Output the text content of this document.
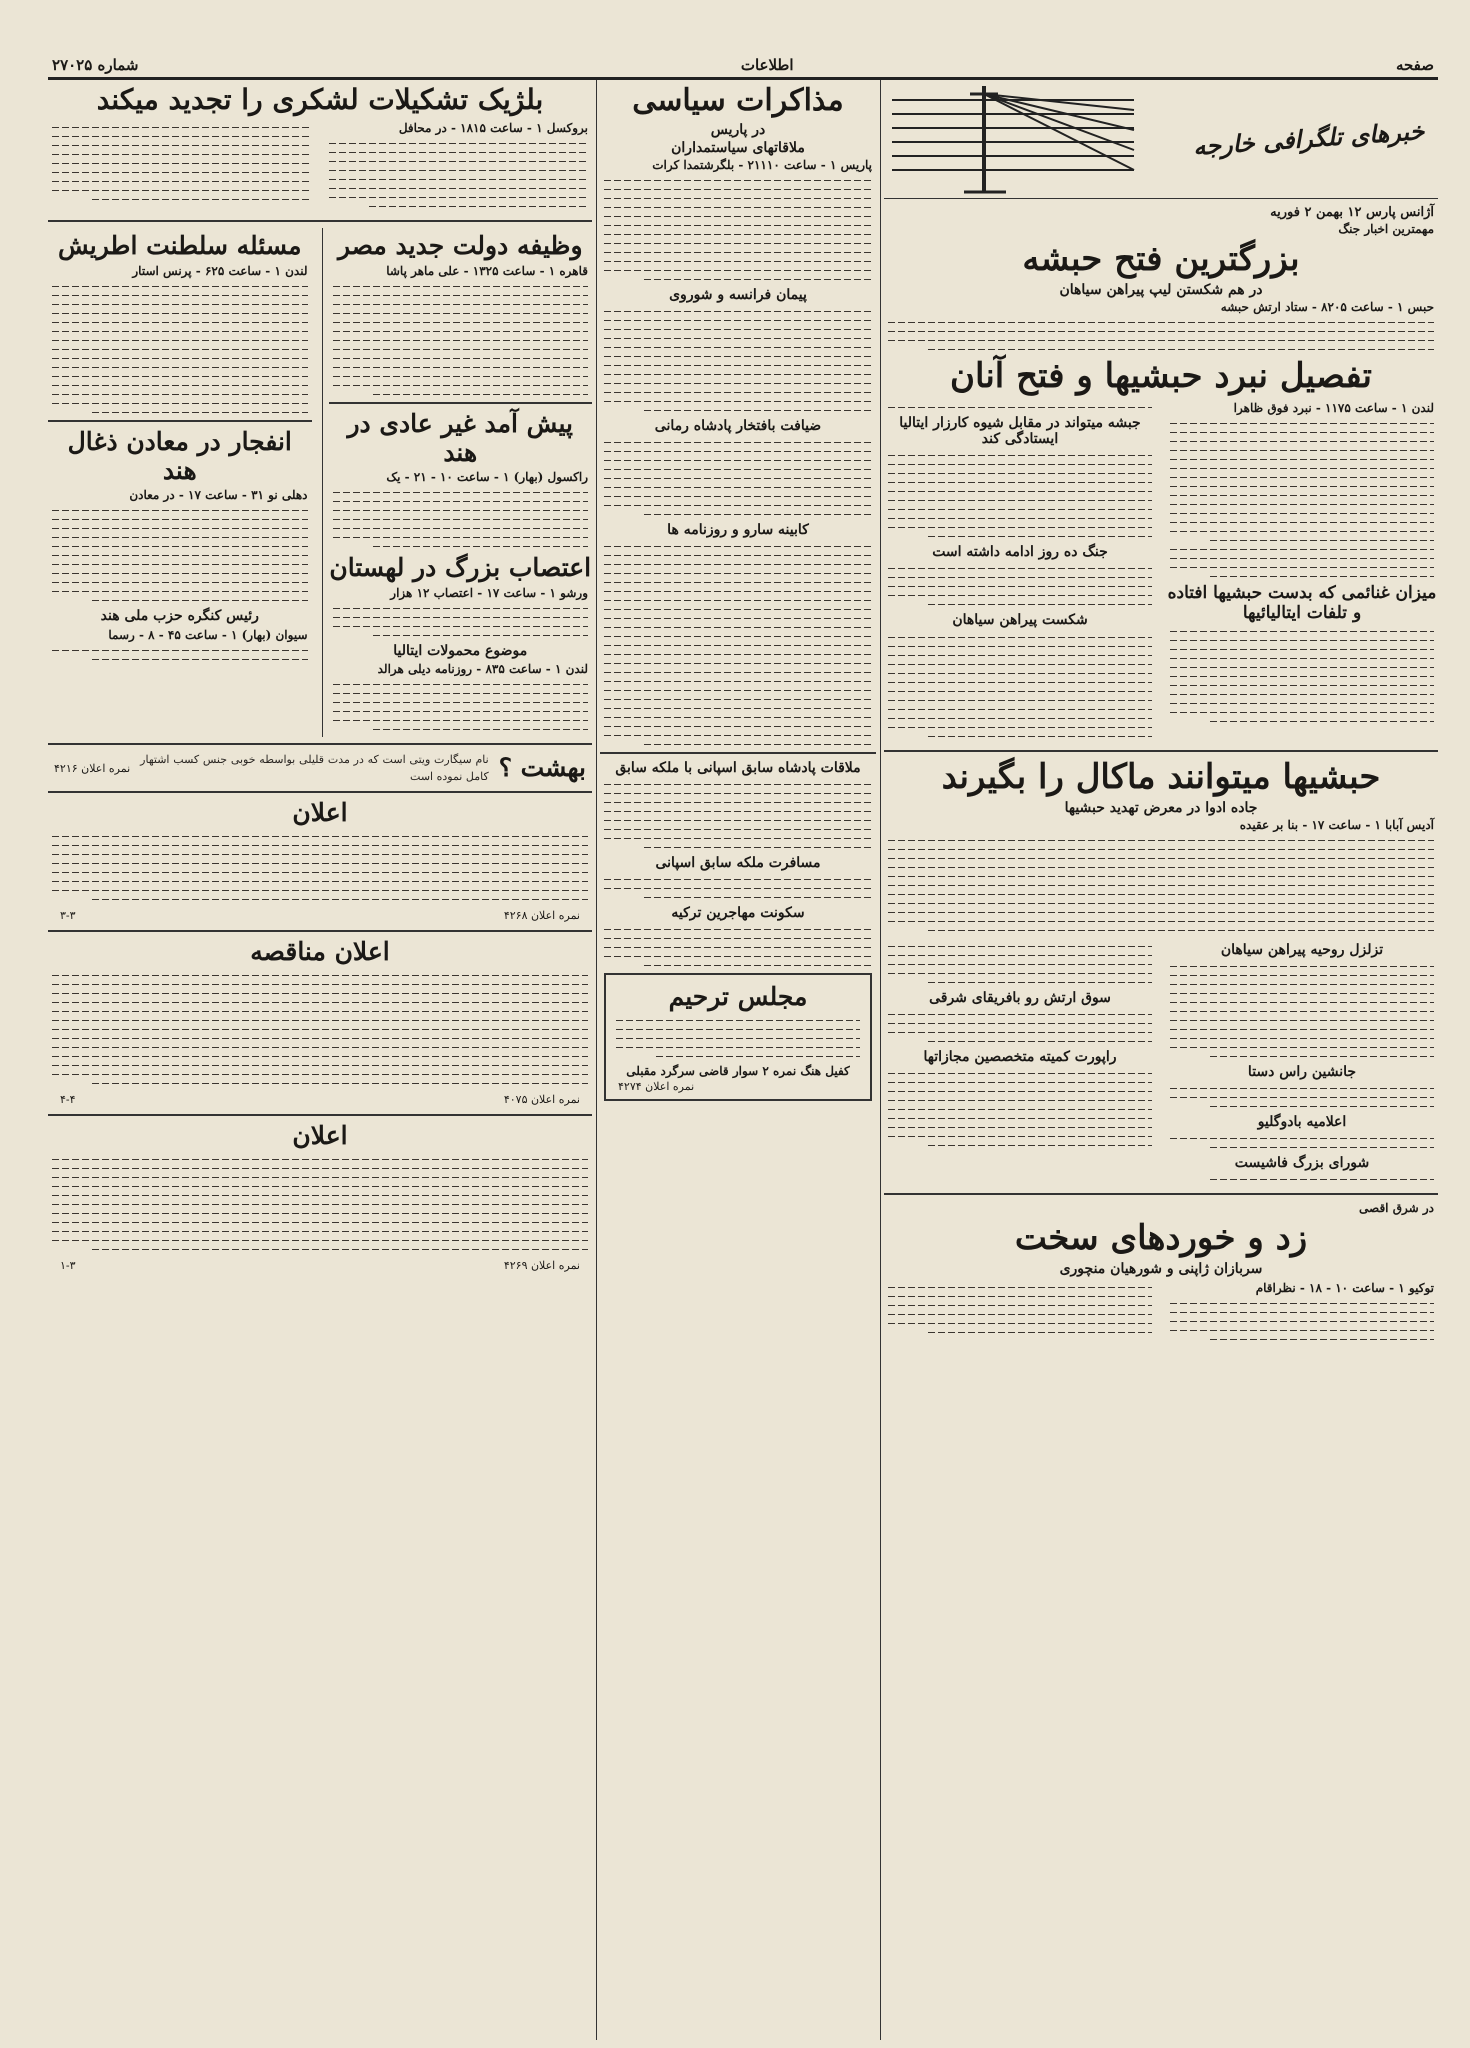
صفحه
اطلاعات
شماره ۲۷۰۲۵
خبرهای تلگرافی خارجه
آژانس پارس ۱۲ بهمن ۲ فوریه
مهمترین اخبار جنگ
بزرگترین فتح حبشه
در هم شکستن لیپ پیراهن سیاهان
حبس ۱ - ساعت ۸۲۰۵ - ستاد ارتش حبشه
تفصیل نبرد حبشیها و فتح آنان
لندن ۱ - ساعت ۱۱۷۵ - نبرد فوق ظاهرا
میزان غنائمی که بدست حبشیها افتاده و تلفات ایتالیائیها
جبشه میتواند در مقابل شیوه کارزار ایتالیا ایستادگی کند
جنگ ده روز ادامه داشته است
شکست پیراهن سیاهان
حبشیها میتوانند ماکال را بگیرند
جاده ادوا در معرض تهدید حبشیها
آدیس آبابا ۱ - ساعت ۱۷ - بنا بر عقیده
تزلزل روحیه پیراهن سیاهان
جانشین راس دستا
اعلامیه بادوگلیو
شورای بزرگ فاشیست
سوق ارتش رو بافریقای شرقی
راپورت کمیته متخصصین مجازاتها
در شرق اقصی
زد و خوردهای سخت
سربازان ژاپنی و شورهیان منچوری
توکیو ۱ - ساعت ۱۰ - ۱۸ - نظراقام
مذاکرات سیاسی
در پاریس
ملاقاتهای سیاستمداران
پاریس ۱ - ساعت ۲۱۱۱۰ - بلگرشتمدا کرات
پیمان فرانسه و شوروی
ضیافت بافتخار پادشاه رمانی
کابینه سارو و روزنامه ها
ملاقات پادشاه سابق اسپانی با ملکه سابق
مسافرت ملکه سابق اسپانی
سکونت مهاجرین ترکیه
مجلس ترحیم
کفیل هنگ نمره ۲ سوار قاضی سرگرد مقبلی
نمره اعلان ۴۲۷۴
بلژیک تشکیلات لشکری را تجدید میکند
بروکسل ۱ - ساعت ۱۸۱۵ - در محافل
وظیفه دولت جدید مصر
قاهره ۱ - ساعت ۱۳۲۵ - علی ماهر پاشا
پیش آمد غیر عادی در هند
راکسول (بهار) ۱ - ساعت ۱۰ - ۲۱ - یک
اعتصاب بزرگ در لهستان
ورشو ۱ - ساعت ۱۷ - اعتصاب ۱۲ هزار
موضوع محمولات ایتالیا
لندن ۱ - ساعت ۸۳۵ - روزنامه دیلی هرالد
مسئله سلطنت اطریش
لندن ۱ - ساعت ۶۲۵ - پرنس استار
انفجار در معادن ذغال هند
دهلی نو ۳۱ - ساعت ۱۷ - در معادن
رئیس کنگره حزب ملی هند
سیوان (بهار) ۱ - ساعت ۴۵ - ۸ - رسما
بهشت ؟
نام سیگارت ویتی است که در مدت قلیلی بواسطه خوبی جنس کسب اشتهار کامل نموده است
نمره اعلان ۴۲۱۶
اعلان
نمره اعلان ۴۲۶۸
۳-۳
اعلان مناقصه
نمره اعلان ۴۰۷۵
۴-۴
اعلان
نمره اعلان ۴۲۶۹
۱-۳
